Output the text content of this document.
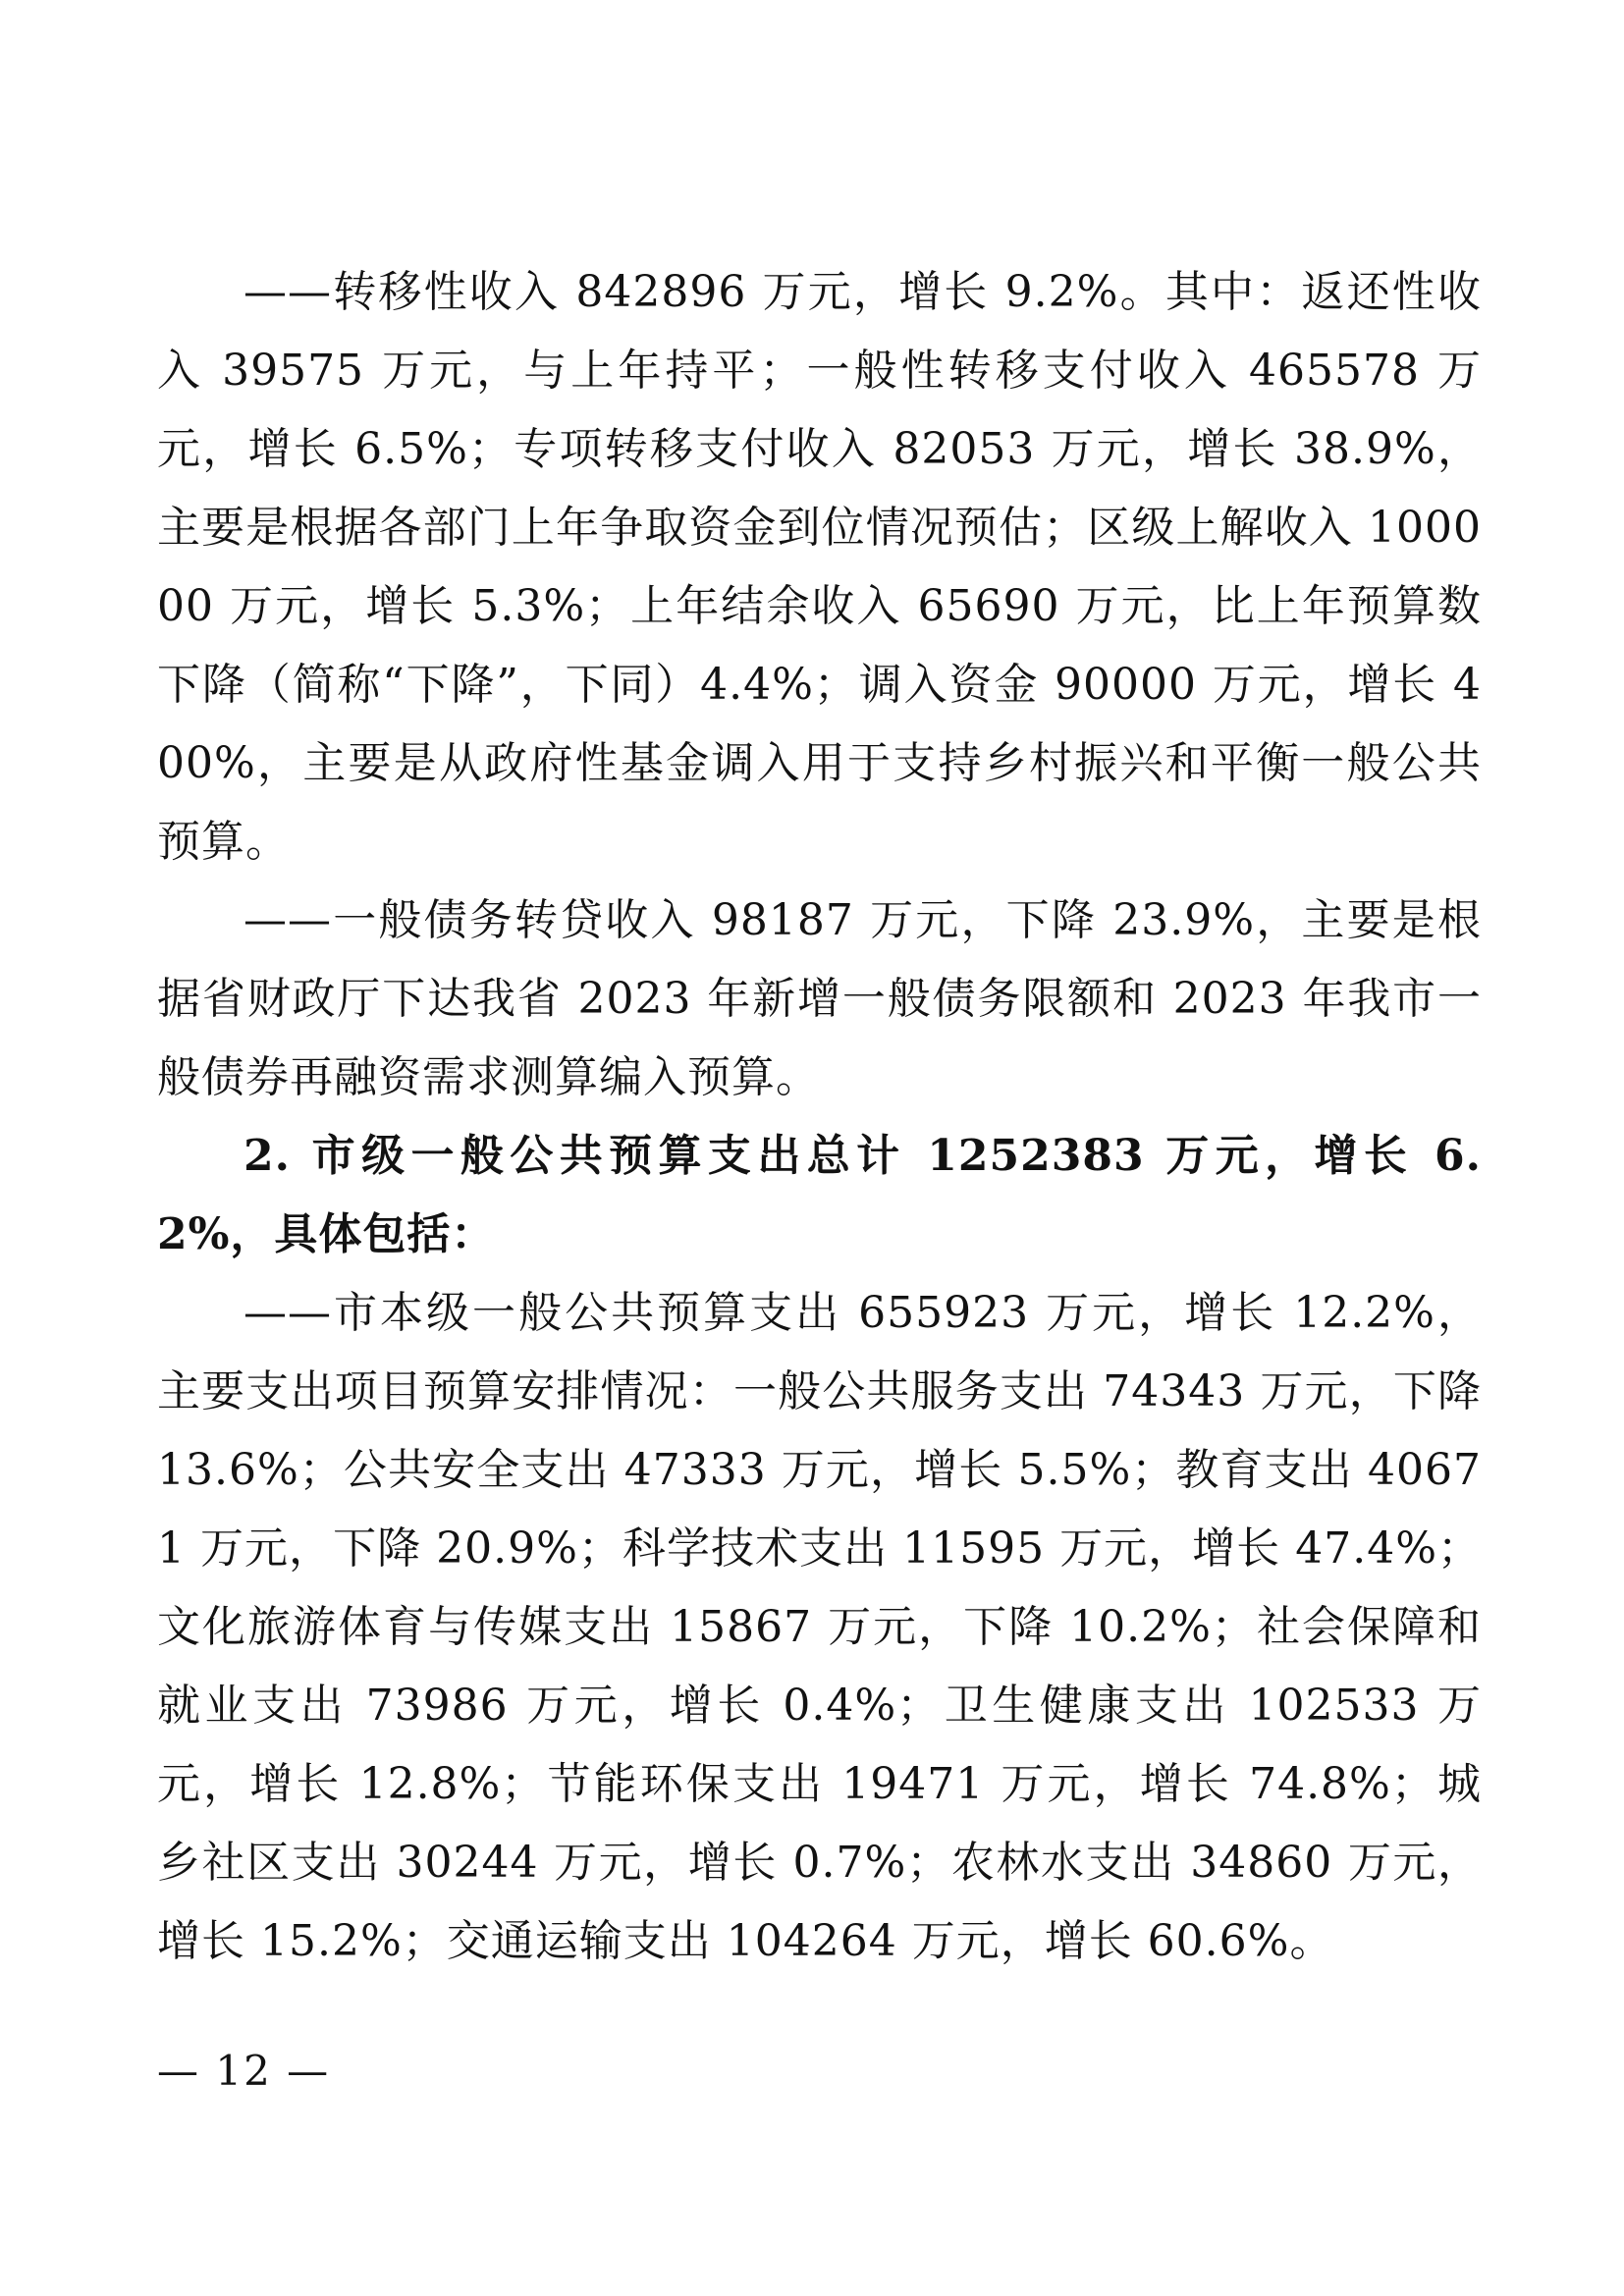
——转移性收入 842896 万元，增长 9.2%。其中：返还性收入 39575 万元，与上年持平；一般性转移支付收入 465578 万元，增长 6.5%；专项转移支付收入 82053 万元，增长 38.9%，主要是根据各部门上年争取资金到位情况预估；区级上解收入 100000 万元，增长 5.3%；上年结余收入 65690 万元，比上年预算数下降（简称“下降”，下同）4.4%；调入资金 90000 万元，增长 400%，主要是从政府性基金调入用于支持乡村振兴和平衡一般公共预算。

——一般债务转贷收入 98187 万元，下降 23.9%，主要是根据省财政厅下达我省 2023 年新增一般债务限额和 2023 年我市一般债券再融资需求测算编入预算。

2. 市级一般公共预算支出总计 1252383 万元，增长 6.2%，具体包括：

——市本级一般公共预算支出 655923 万元，增长 12.2%，主要支出项目预算安排情况：一般公共服务支出 74343 万元，下降 13.6%；公共安全支出 47333 万元，增长 5.5%；教育支出 40671 万元，下降 20.9%；科学技术支出 11595 万元，增长 47.4%；文化旅游体育与传媒支出 15867 万元，下降 10.2%；社会保障和就业支出 73986 万元，增长 0.4%；卫生健康支出 102533 万元，增长 12.8%；节能环保支出 19471 万元，增长 74.8%；城乡社区支出 30244 万元，增长 0.7%；农林水支出 34860 万元，增长 15.2%；交通运输支出 104264 万元，增长 60.6%。

— 12 —
